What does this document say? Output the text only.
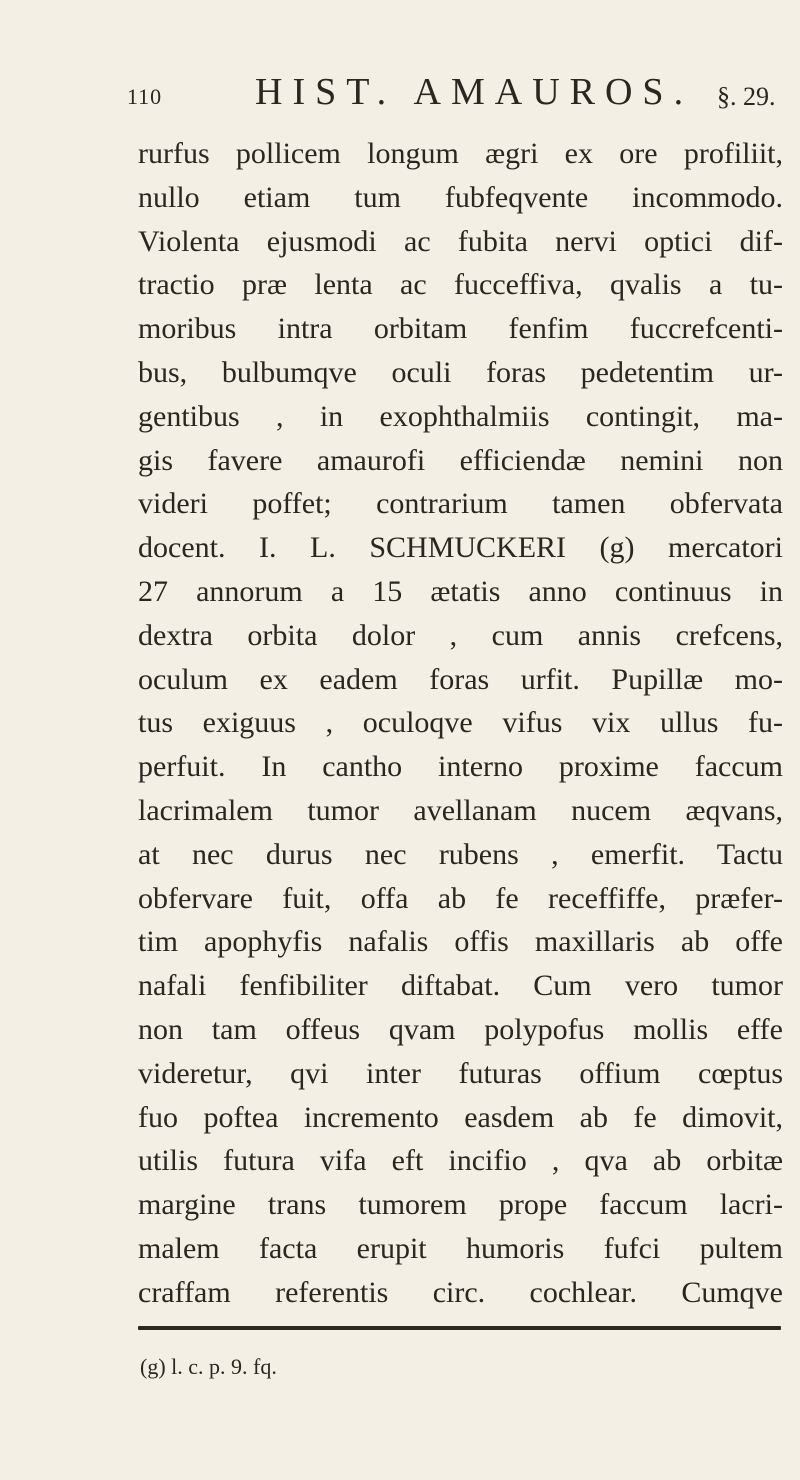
110 HIST. AMAUROS. §. 29.
rurfus pollicem longum ægri ex ore profiliit,
nullo etiam tum fubfeqvente incommodo.
Violenta ejusmodi ac fubita nervi optici dif-
tractio præ lenta ac fucceffiva, qvalis a tu-
moribus intra orbitam fenfim fuccrefcenti-
bus, bulbumqve oculi foras pedetentim ur-
gentibus , in exophthalmiis contingit, ma-
gis favere amaurofi efficiendæ nemini non
videri poffet; contrarium tamen obfervata
docent. I. L. SCHMUCKERI (g) mercatori
27 annorum a 15 ætatis anno continuus in
dextra orbita dolor , cum annis crefcens,
oculum ex eadem foras urfit. Pupillæ mo-
tus exiguus , oculoqve vifus vix ullus fu-
perfuit. In cantho interno proxime faccum
lacrimalem tumor avellanam nucem æqvans,
at nec durus nec rubens , emerfit. Tactu
obfervare fuit, offa ab fe receffiffe, præfer-
tim apophyfis nafalis offis maxillaris ab offe
nafali fenfibiliter diftabat. Cum vero tumor
non tam offeus qvam polypofus mollis effe
videretur, qvi inter futuras offium cœptus
fuo poftea incremento easdem ab fe dimovit,
utilis futura vifa eft incifio , qva ab orbitæ
margine trans tumorem prope faccum lacri-
malem facta erupit humoris fufci pultem
craffam referentis circ. cochlear. Cumqve
(g) l. c. p. 9. fq.
